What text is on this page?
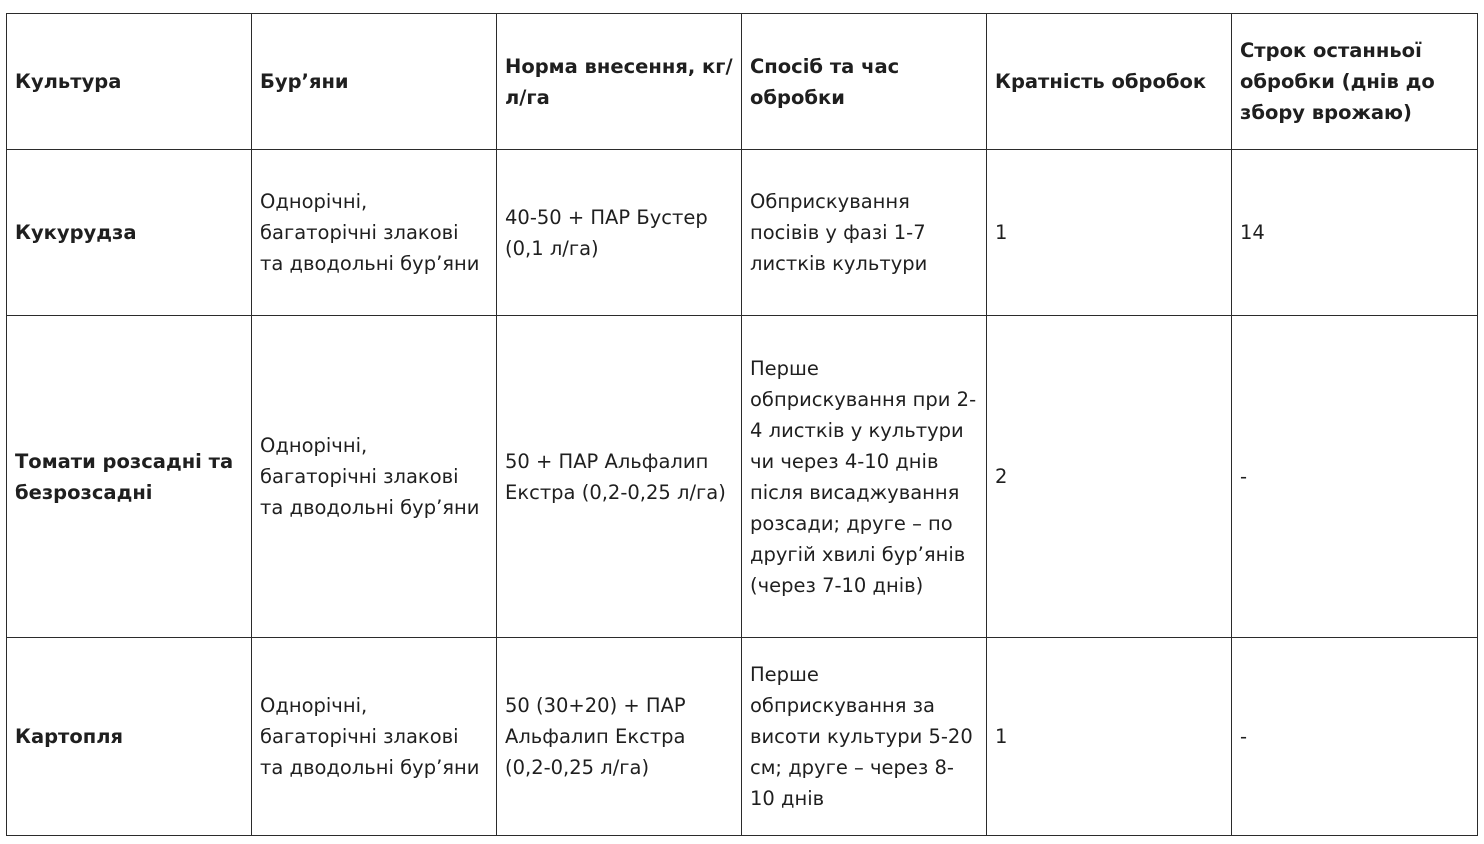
Культура	Бур’яни	Норма внесення, кг/л/га	Спосіб та час обробки	Кратність обробок	Строк останньої обробки (днів до збору врожаю)
Кукурудза	Однорічні, багаторічні злакові та дводольні бур’яни	40-50 + ПАР Бустер (0,1 л/га)	Обприскування посівів у фазі 1-7 листків культури	1	14
Томати розсадні та безрозсадні	Однорічні, багаторічні злакові та дводольні бур’яни	50 + ПАР Альфалип Екстра (0,2-0,25 л/га)	Перше обприскування при 2-4 листків у культури чи через 4-10 днів після висаджування розсади; друге – по другій хвилі бур’янів (через 7-10 днів)	2	-
Картопля	Однорічні, багаторічні злакові та дводольні бур’яни	50 (30+20) + ПАР Альфалип Екстра (0,2-0,25 л/га)	Перше обприскування за висоти культури 5-20 см; друге – через 8-10 днів	1	-
